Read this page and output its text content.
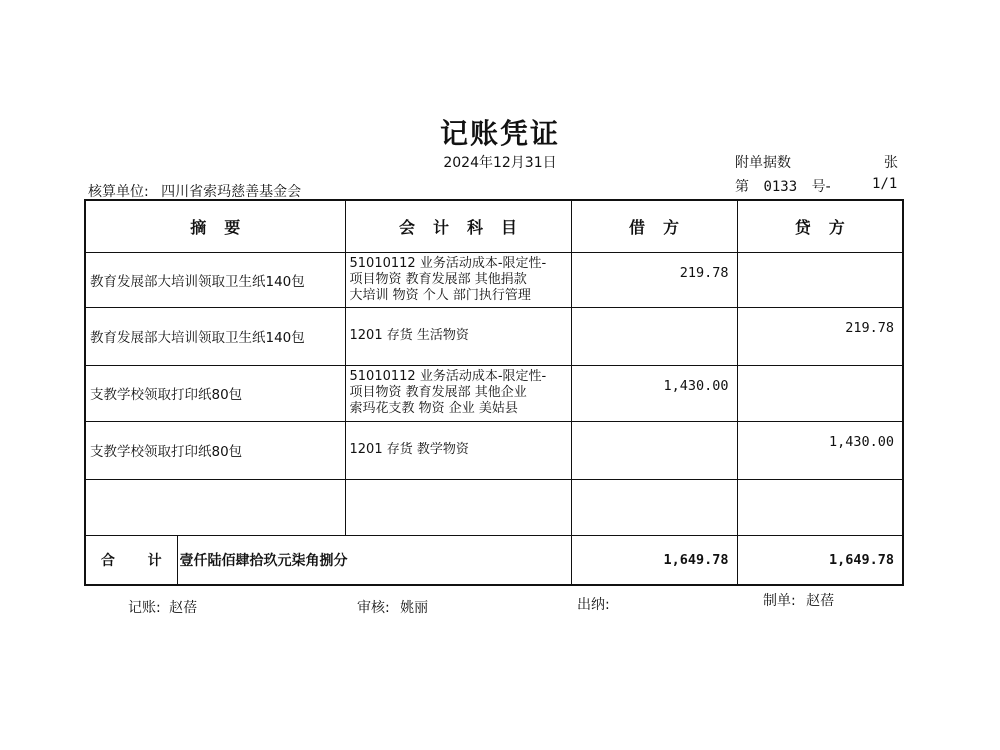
记账凭证
2024年12月31日	附单据数	张
核算单位: 四川省索玛慈善基金会	第 0133 号-	1/1
摘要		会计科目	借方	贷方
教育发展部大培训领取卫生纸140包		51010112 业务活动成本-限定性-
项目物资 教育发展部 其他捐款
大培训 物资 个人 部门执行管理	219.78	
教育发展部大培训领取卫生纸140包		1201 存货 生活物资		219.78
支教学校领取打印纸80包		51010112 业务活动成本-限定性-
项目物资 教育发展部 其他企业
索玛花支教 物资 企业 美姑县	1,430.00	
支教学校领取打印纸80包		1201 存货 教学物资		1,430.00

合 计	壹仟陆佰肆拾玖元柒角捌分		1,649.78	1,649.78
记账: 赵蓓	审核: 姚丽	出纳:	制单: 赵蓓
